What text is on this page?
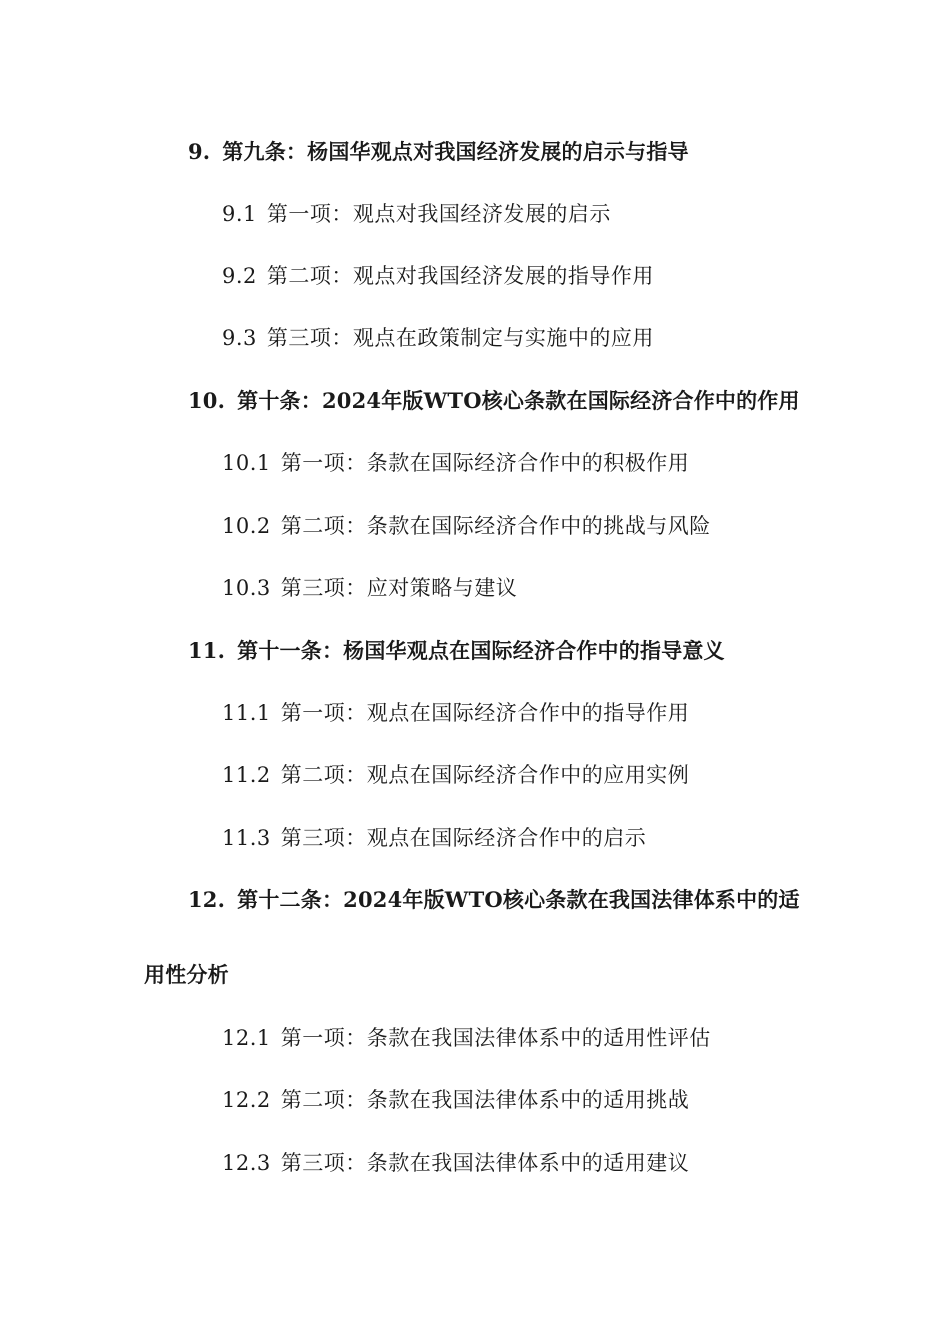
9. 第九条：杨国华观点对我国经济发展的启示与指导
9.1 第一项：观点对我国经济发展的启示
9.2 第二项：观点对我国经济发展的指导作用
9.3 第三项：观点在政策制定与实施中的应用
10. 第十条：2024年版WTO核心条款在国际经济合作中的作用
10.1 第一项：条款在国际经济合作中的积极作用
10.2 第二项：条款在国际经济合作中的挑战与风险
10.3 第三项：应对策略与建议
11. 第十一条：杨国华观点在国际经济合作中的指导意义
11.1 第一项：观点在国际经济合作中的指导作用
11.2 第二项：观点在国际经济合作中的应用实例
11.3 第三项：观点在国际经济合作中的启示
12. 第十二条：2024年版WTO核心条款在我国法律体系中的适
用性分析
12.1 第一项：条款在我国法律体系中的适用性评估
12.2 第二项：条款在我国法律体系中的适用挑战
12.3 第三项：条款在我国法律体系中的适用建议
